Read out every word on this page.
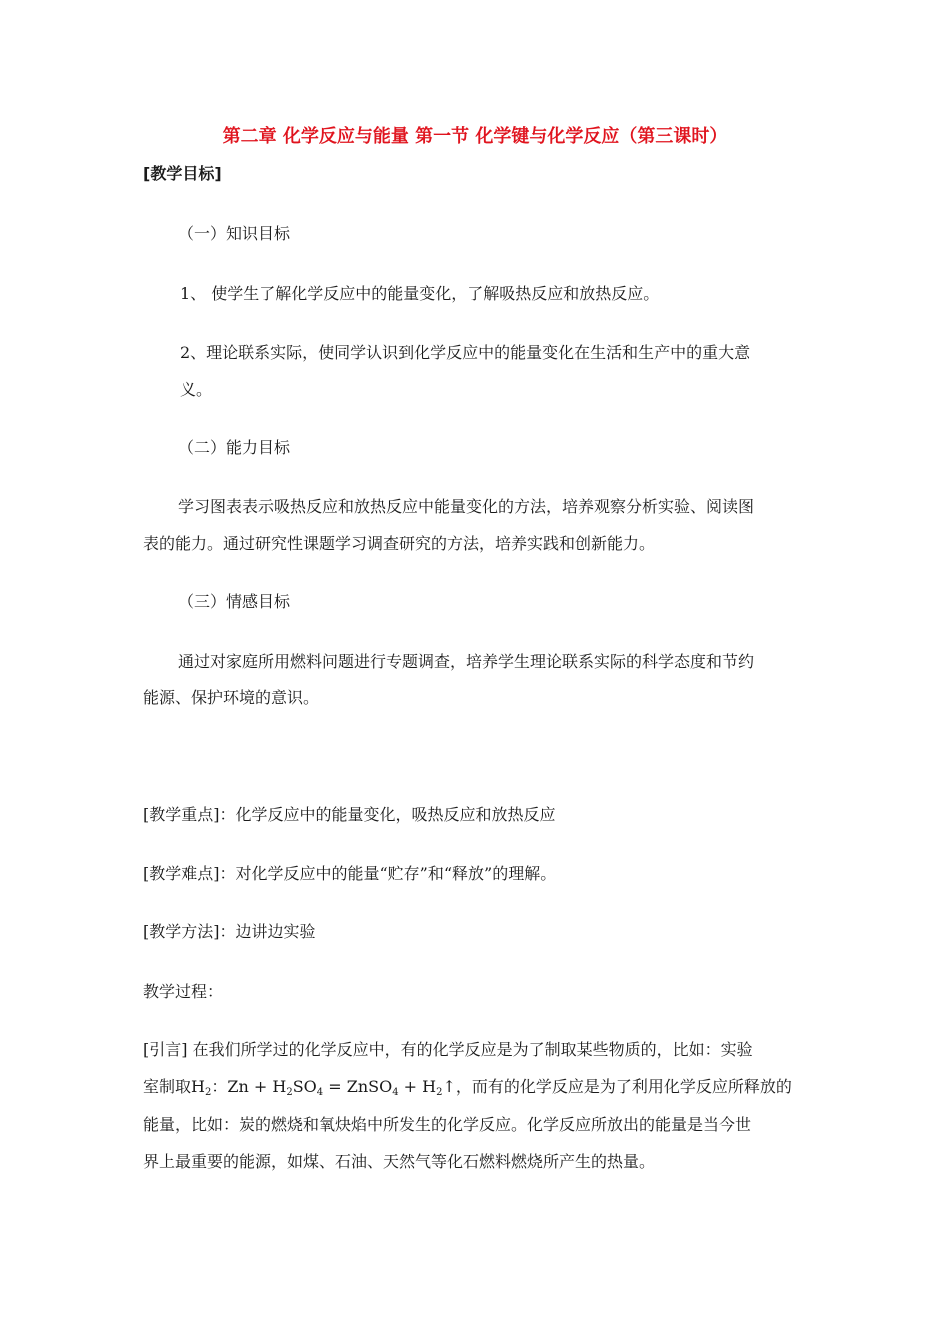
第二章 化学反应与能量 第一节 化学键与化学反应（第三课时）
[教学目标]
（一）知识目标
1、 使学生了解化学反应中的能量变化，了解吸热反应和放热反应。
2、理论联系实际，使同学认识到化学反应中的能量变化在生活和生产中的重大意
义。
（二）能力目标
学习图表表示吸热反应和放热反应中能量变化的方法，培养观察分析实验、阅读图
表的能力。通过研究性课题学习调查研究的方法，培养实践和创新能力。
（三）情感目标
通过对家庭所用燃料问题进行专题调查，培养学生理论联系实际的科学态度和节约
能源、保护环境的意识。
[教学重点]：化学反应中的能量变化，吸热反应和放热反应
[教学难点]：对化学反应中的能量“贮存”和“释放”的理解。
[教学方法]：边讲边实验
教学过程：
[引言] 在我们所学过的化学反应中，有的化学反应是为了制取某些物质的，比如：实验
室制取$H_2$：$Zn + H_2SO_4$ = ZnSO$_4$ + $H_2↑$，而有的化学反应是为了利用化学反应所释放的
能量，比如：炭的燃烧和氧炔焰中所发生的化学反应。化学反应所放出的能量是当今世
界上最重要的能源，如煤、石油、天然气等化石燃料燃烧所产生的热量。
